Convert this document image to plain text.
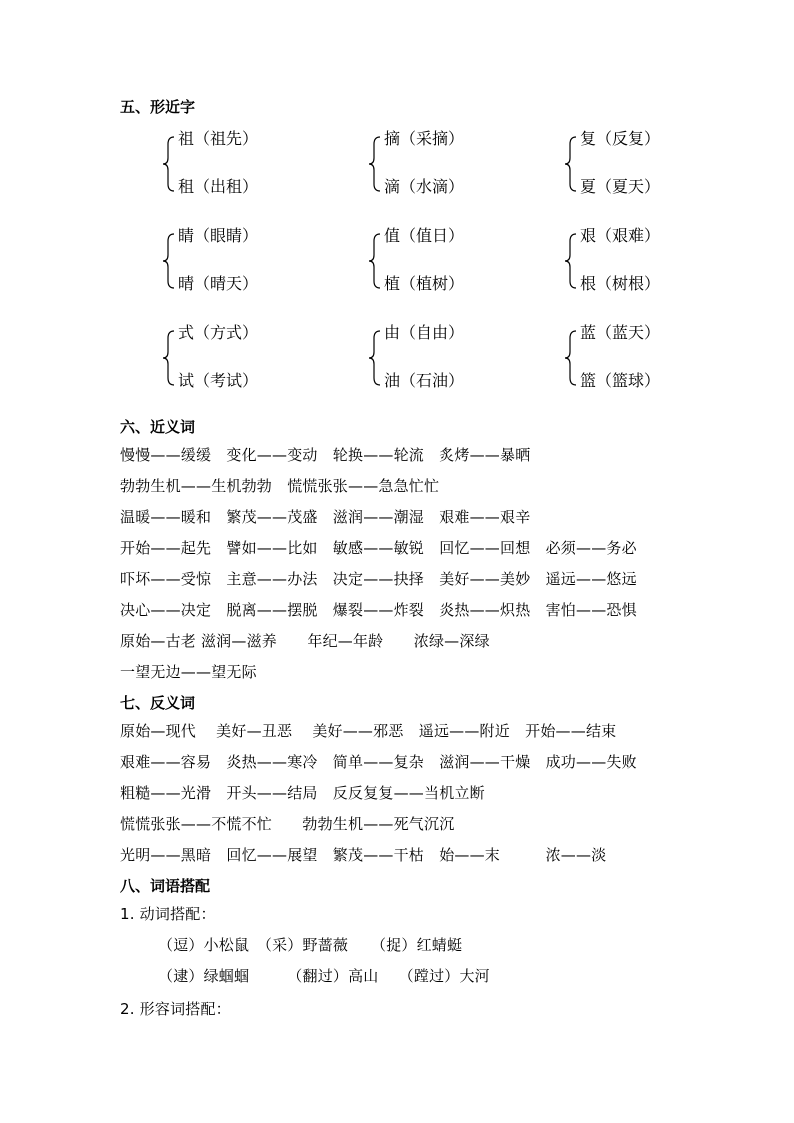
五、形近字
祖（祖先）
租（出租）
摘（采摘）
滴（水滴）
复（反复）
夏（夏天）
睛（眼睛）
晴（晴天）
值（值日）
植（植树）
艰（艰难）
根（树根）
式（方式）
试（考试）
由（自由）
油（石油）
蓝（蓝天）
篮（篮球）
六、近义词
慢慢——缓缓　变化——变动　轮换——轮流　炙烤——暴晒
勃勃生机——生机勃勃　慌慌张张——急急忙忙
温暖——暖和　繁茂——茂盛　滋润——潮湿　艰难——艰辛
开始——起先　譬如——比如　敏感——敏锐　回忆——回想　必须——务必
吓坏——受惊　主意——办法　决定——抉择　美好——美妙　遥远——悠远
决心——决定　脱离——摆脱　爆裂——炸裂　炎热——炽热　害怕——恐惧
原始—古老 滋润—滋养　　年纪—年龄　　浓绿—深绿
一望无边——望无际
七、反义词
原始—现代　 美好—丑恶　 美好——邪恶　遥远——附近　开始——结束
艰难——容易　炎热——寒冷　简单——复杂　滋润——干燥　成功——失败
粗糙——光滑　开头——结局　反反复复——当机立断
慌慌张张——不慌不忙　　勃勃生机——死气沉沉
光明——黑暗　回忆——展望　繁茂——干枯　始——末　　　浓——淡
八、词语搭配
1. 动词搭配：
（逗）小松鼠　（采）野蔷薇　　（捉）红蜻蜓
（逮）绿蝈蝈　　　（翻过）高山　 （蹚过）大河
2. 形容词搭配：
